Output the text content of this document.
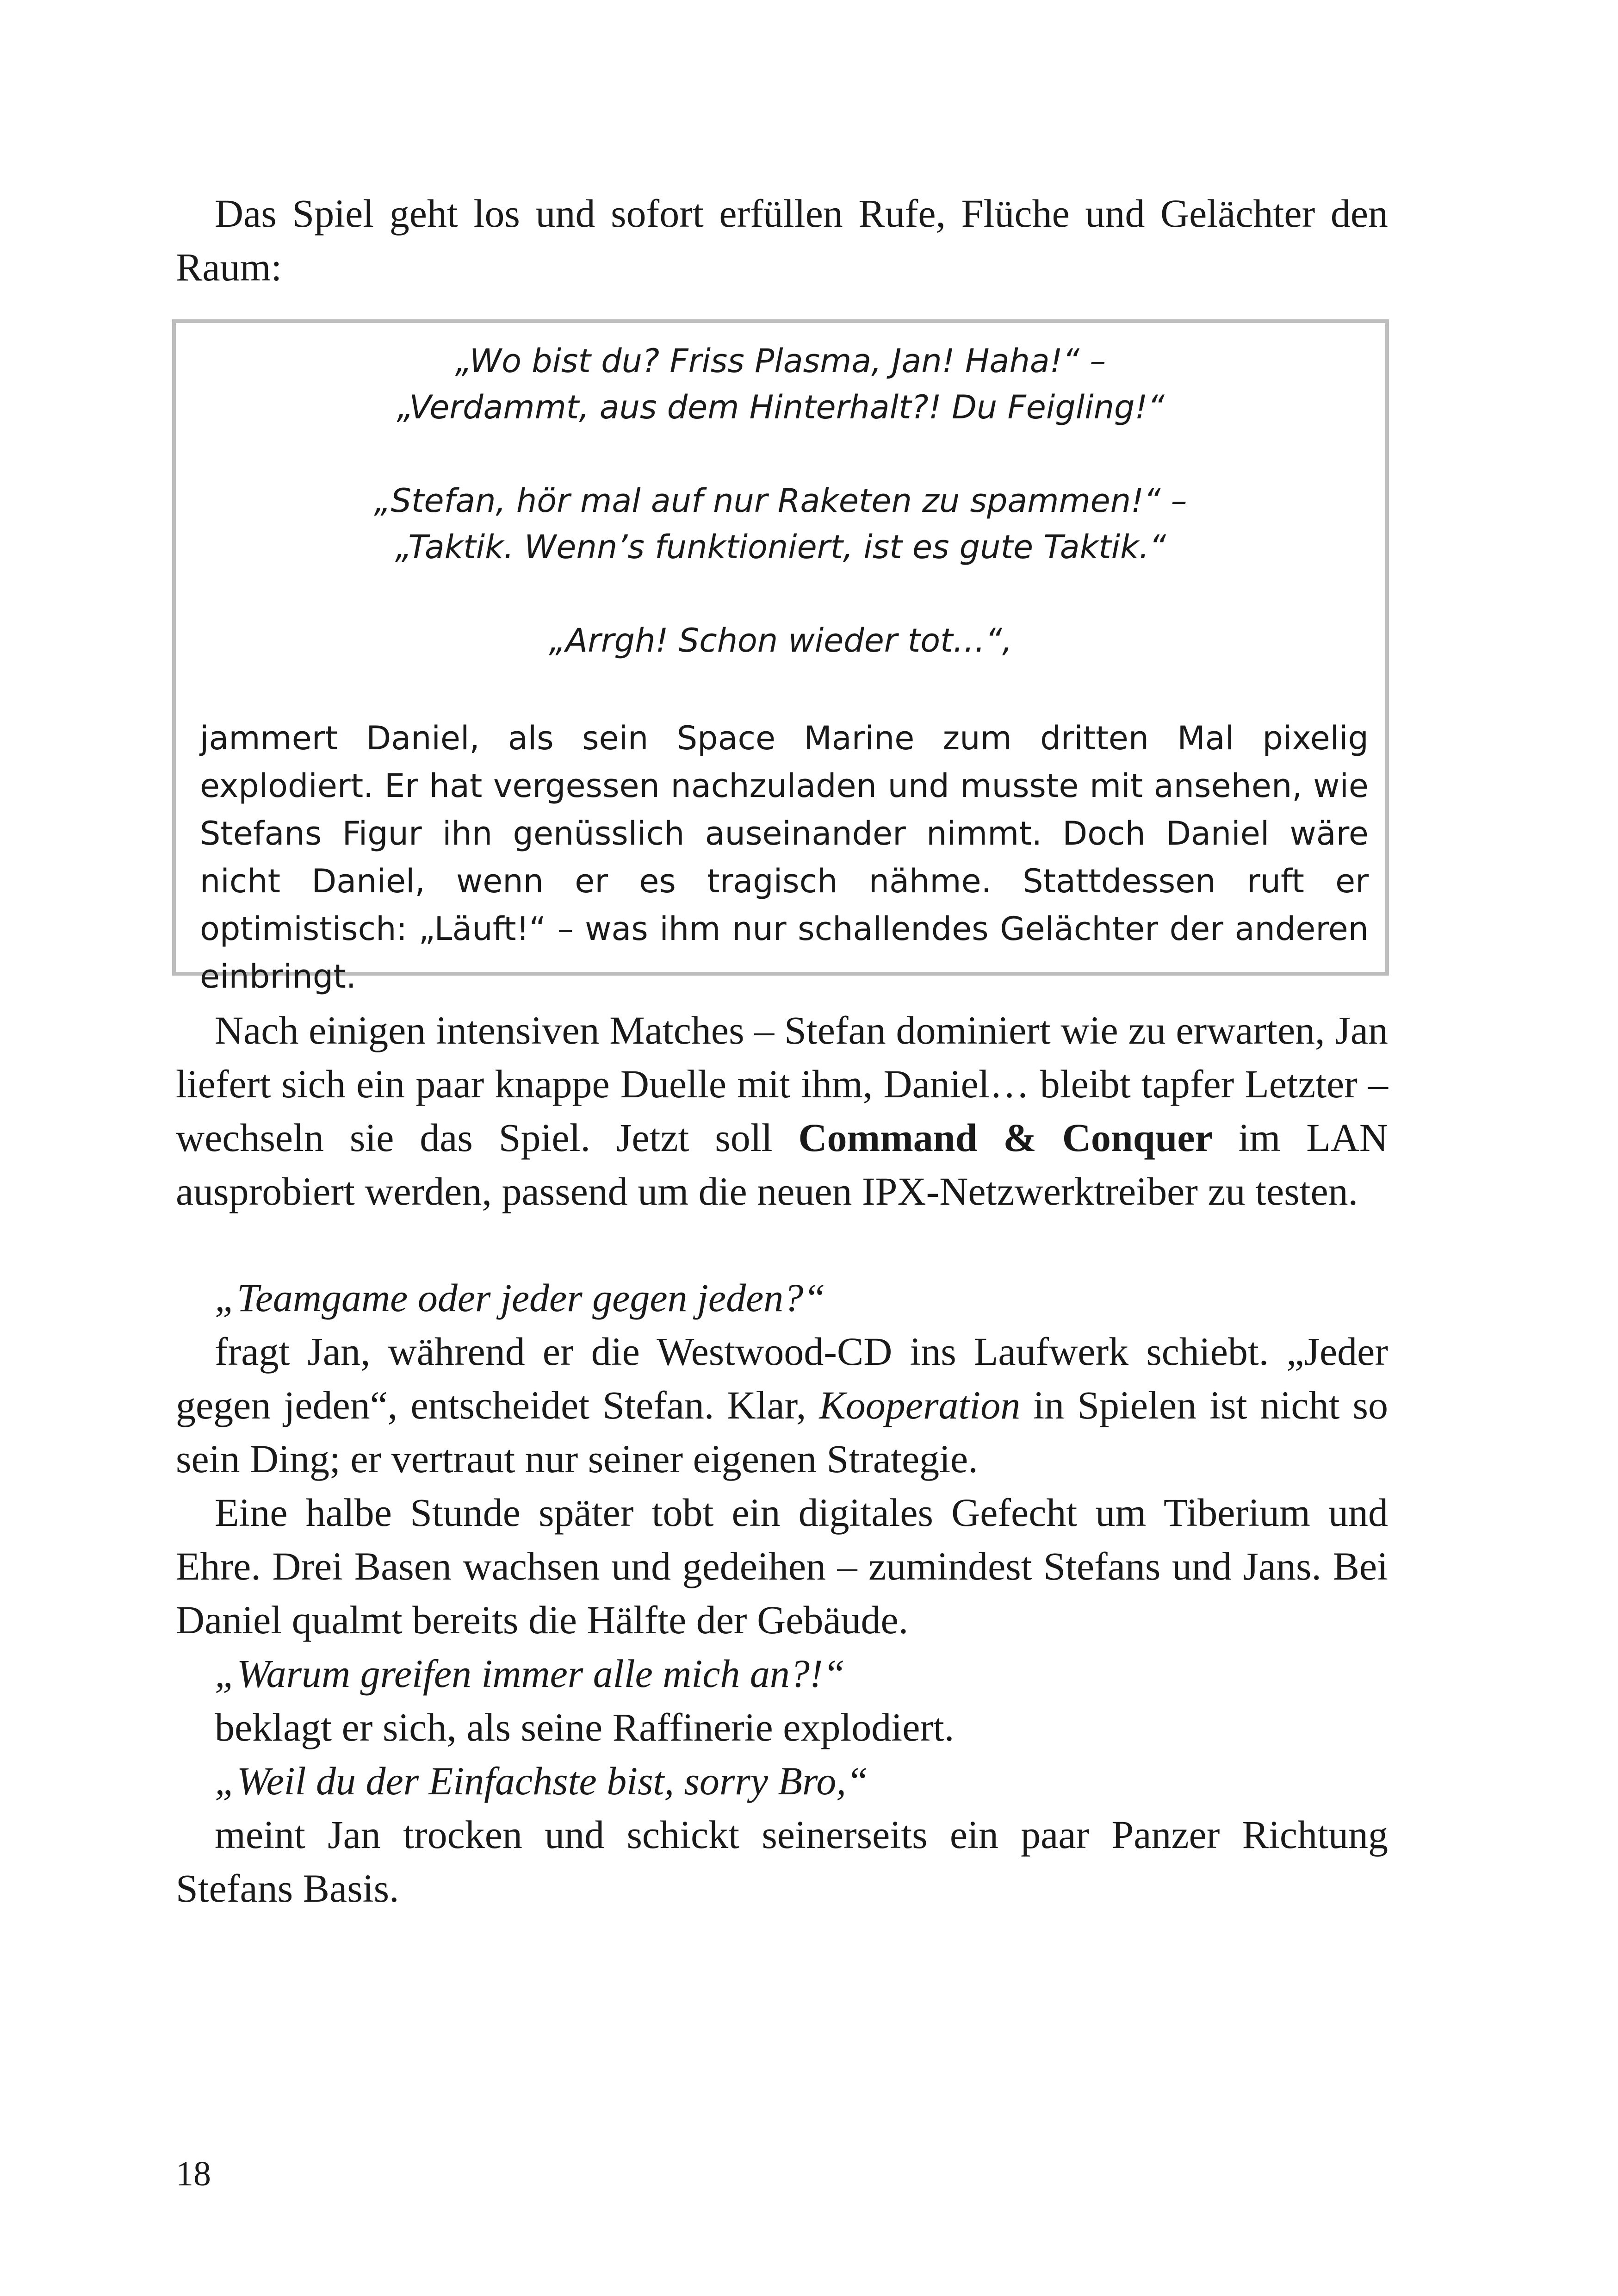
Das Spiel geht los und sofort erfüllen Rufe, Flüche und Gelächter den Raum:

„Wo bist du? Friss Plasma, Jan! Haha!“ –

„Verdammt, aus dem Hinterhalt?! Du Feigling!“

„Stefan, hör mal auf nur Raketen zu spammen!“ –

„Taktik. Wenn’s funktioniert, ist es gute Taktik.“

„Arrgh! Schon wieder tot…“,

jammert Daniel, als sein Space Marine zum dritten Mal pixelig explodiert. Er hat vergessen nachzuladen und musste mit ansehen, wie Stefans Figur ihn genüsslich auseinander nimmt. Doch Daniel wäre nicht Daniel, wenn er es tragisch nähme. Stattdessen ruft er optimistisch: „Läuft!“ – was ihm nur schallendes Gelächter der anderen einbringt.

Nach einigen intensiven Matches – Stefan dominiert wie zu erwarten, Jan liefert sich ein paar knappe Duelle mit ihm, Daniel… bleibt tapfer Letzter – wechseln sie das Spiel. Jetzt soll Command & Conquer im LAN ausprobiert werden, passend um die neuen IPX-Netzwerktreiber zu testen.

„Teamgame oder jeder gegen jeden?“

fragt Jan, während er die Westwood-CD ins Laufwerk schiebt. „Jeder gegen jeden“, entscheidet Stefan. Klar, Kooperation in Spielen ist nicht so sein Ding; er vertraut nur seiner eigenen Strategie.

Eine halbe Stunde später tobt ein digitales Gefecht um Tiberium und Ehre. Drei Basen wachsen und gedeihen – zumindest Stefans und Jans. Bei Daniel qualmt bereits die Hälfte der Gebäude.

„Warum greifen immer alle mich an?!“

beklagt er sich, als seine Raffinerie explodiert.

„Weil du der Einfachste bist, sorry Bro,“

meint Jan trocken und schickt seinerseits ein paar Panzer Richtung Stefans Basis.

18
